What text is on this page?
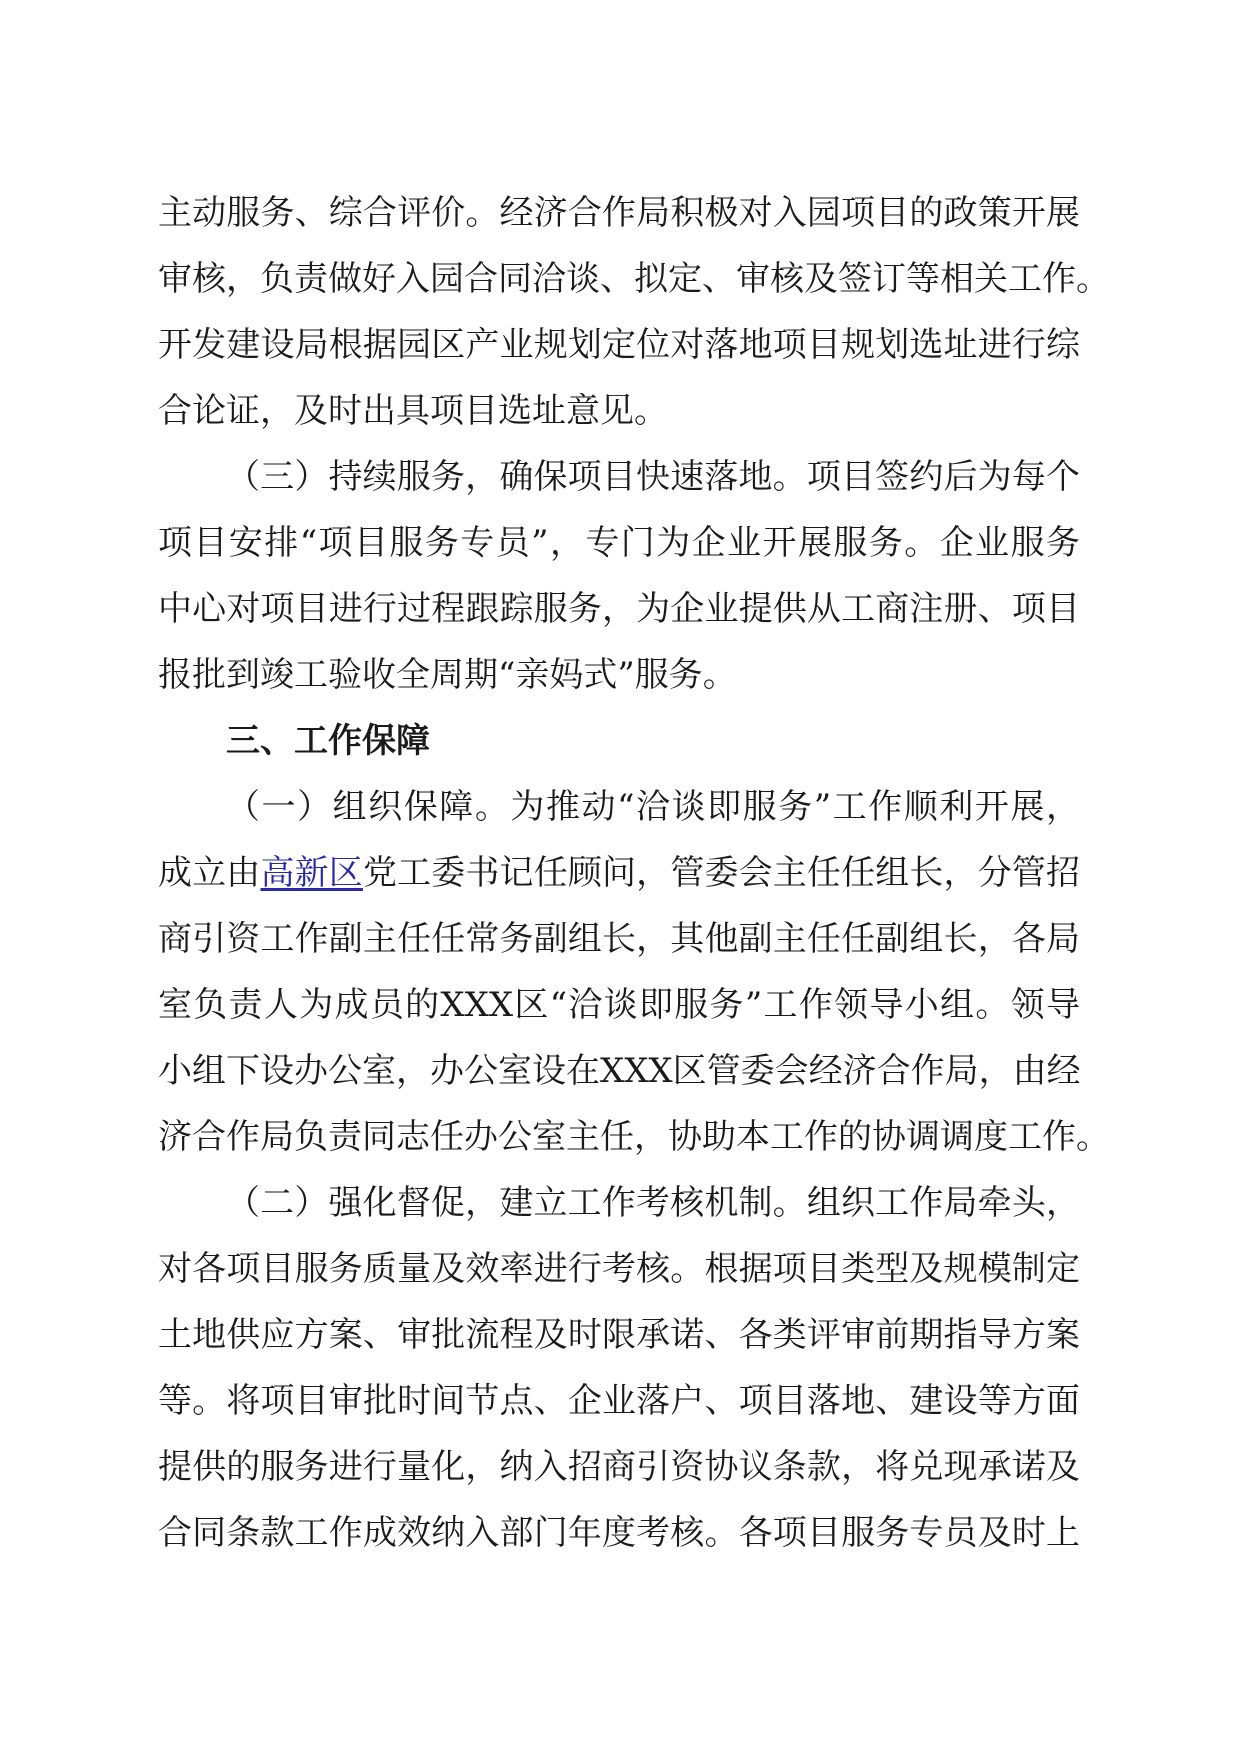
主动服务、综合评价。经济合作局积极对入园项目的政策开展
审核，负责做好入园合同洽谈、拟定、审核及签订等相关工作。
开发建设局根据园区产业规划定位对落地项目规划选址进行综
合论证，及时出具项目选址意见。
（三）持续服务，确保项目快速落地。项目签约后为每个
项目安排“项目服务专员”，专门为企业开展服务。企业服务
中心对项目进行过程跟踪服务，为企业提供从工商注册、项目
报批到竣工验收全周期“亲妈式”服务。
三、工作保障
（一）组织保障。为推动“洽谈即服务”工作顺利开展，
成立由高新区党工委书记任顾问，管委会主任任组长，分管招
商引资工作副主任任常务副组长，其他副主任任副组长，各局
室负责人为成员的XXX区“洽谈即服务”工作领导小组。领导
小组下设办公室，办公室设在XXX区管委会经济合作局，由经
济合作局负责同志任办公室主任，协助本工作的协调调度工作。
（二）强化督促，建立工作考核机制。组织工作局牵头，
对各项目服务质量及效率进行考核。根据项目类型及规模制定
土地供应方案、审批流程及时限承诺、各类评审前期指导方案
等。将项目审批时间节点、企业落户、项目落地、建设等方面
提供的服务进行量化，纳入招商引资协议条款，将兑现承诺及
合同条款工作成效纳入部门年度考核。各项目服务专员及时上
